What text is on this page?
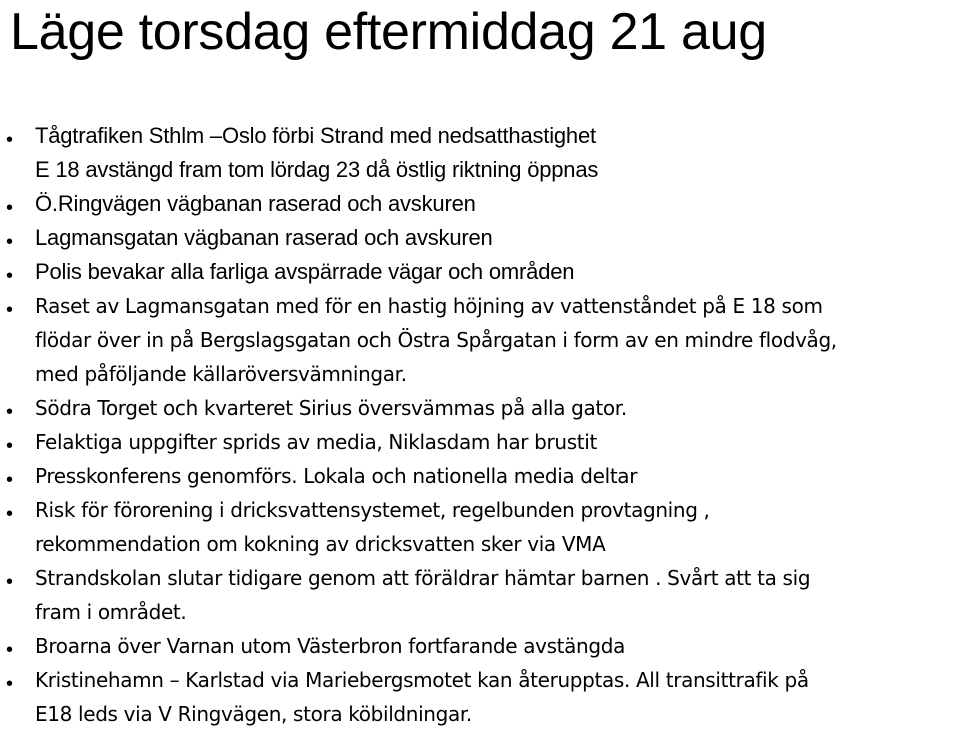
Läge torsdag eftermiddag 21 aug
•
Tågtrafiken Sthlm –Oslo förbi Strand med nedsatthastighet
E 18 avstängd fram tom lördag 23 då östlig riktning öppnas
•
Ö.Ringvägen vägbanan raserad och avskuren
•
Lagmansgatan vägbanan raserad och avskuren
•
Polis bevakar alla farliga avspärrade vägar och områden
•
Raset av Lagmansgatan med för en hastig höjning av vattenståndet på E 18 som
flödar över in på Bergslagsgatan och Östra Spårgatan i form av en mindre flodvåg,
med påföljande källaröversvämningar.
•
Södra Torget och kvarteret Sirius översvämmas på alla gator.
•
Felaktiga uppgifter sprids av media, Niklasdam har brustit
•
Presskonferens genomförs. Lokala och nationella media deltar
•
Risk för förorening i dricksvattensystemet, regelbunden provtagning ,
rekommendation om kokning av dricksvatten sker via VMA
•
Strandskolan slutar tidigare genom att föräldrar hämtar barnen . Svårt att ta sig
fram i området.
•
Broarna över Varnan utom Västerbron fortfarande avstängda
•
Kristinehamn – Karlstad via Mariebergsmotet kan återupptas. All transittrafik på
E18 leds via V Ringvägen, stora köbildningar.
